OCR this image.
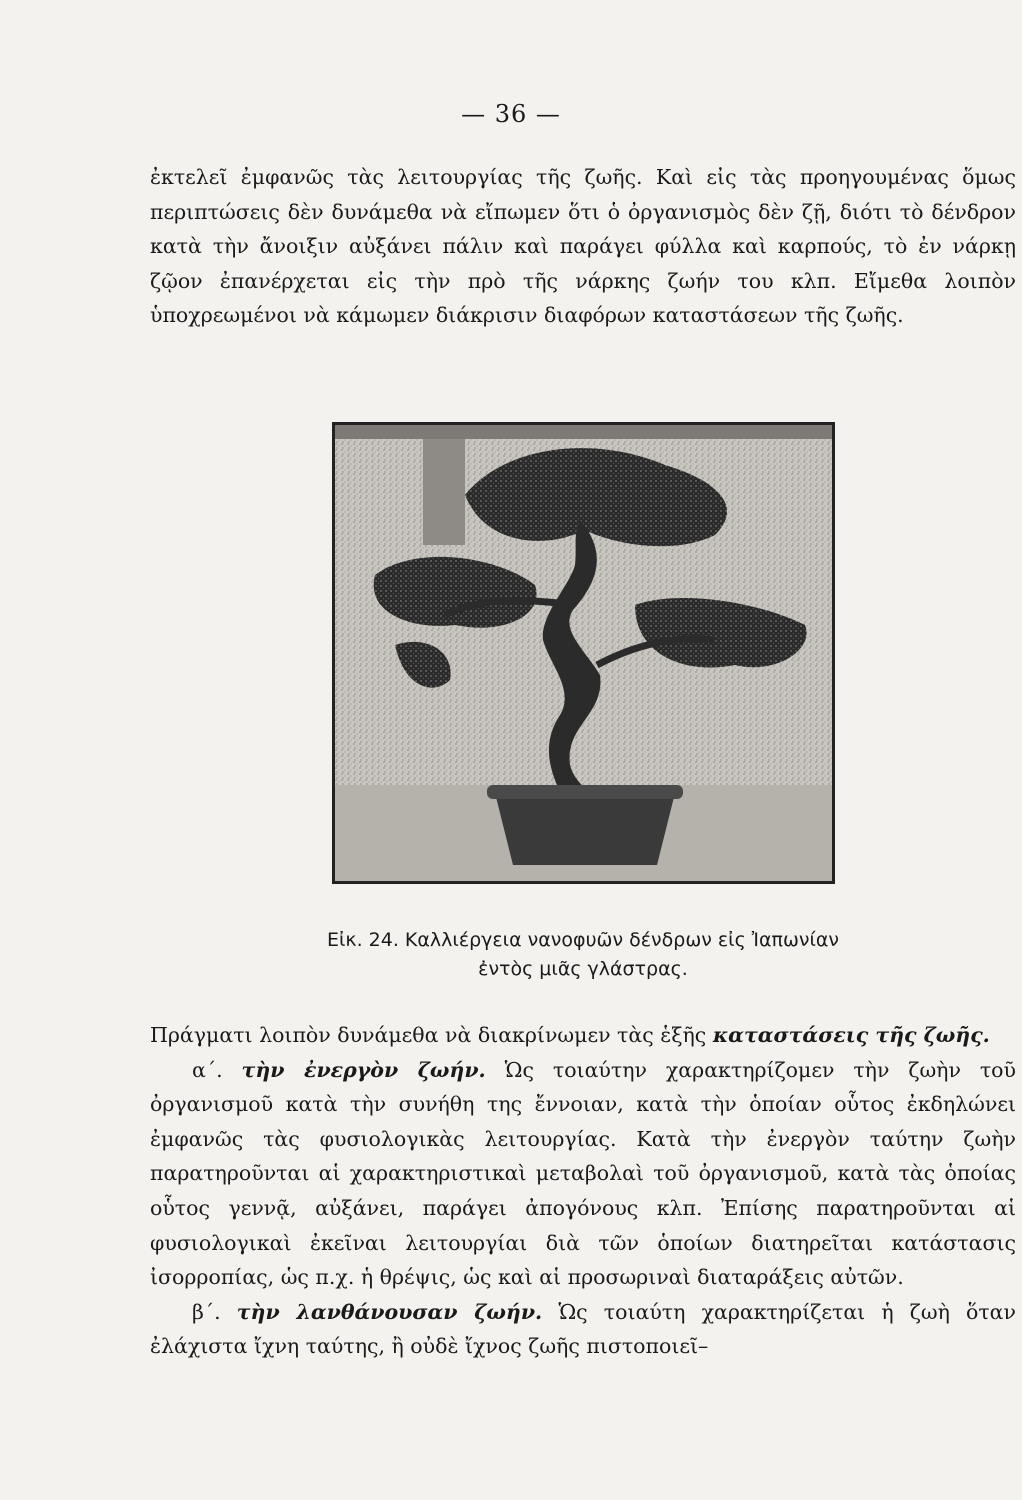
— 36 —

ἐκτελεῖ ἐμφανῶς τὰς λειτουργίας τῆς ζωῆς. Καὶ εἰς τὰς προηγουμένας ὅμως περιπτώσεις δὲν δυνάμεθα νὰ εἴπωμεν ὅτι ὁ ὀργανισμὸς δὲν ζῇ, διότι τὸ δένδρον κατὰ τὴν ἄνοιξιν αὐξάνει πάλιν καὶ παράγει φύλλα καὶ καρπούς, τὸ ἐν νάρκῃ ζῷον ἐπανέρχεται εἰς τὴν πρὸ τῆς νάρκης ζωήν του κλπ. Εἴμεθα λοιπὸν ὑποχρεωμένοι νὰ κάμωμεν διάκρισιν διαφόρων καταστάσεων τῆς ζωῆς.

Εἰκ. 24. Καλλιέργεια νανοφυῶν δένδρων εἰς Ἰαπωνίαν
ἐντὸς μιᾶς γλάστρας.

Πράγματι λοιπὸν δυνάμεθα νὰ διακρίνωμεν τὰς ἑξῆς καταστάσεις τῆς ζωῆς.

α΄. τὴν ἐνεργὸν ζωήν. Ὡς τοιαύτην χαρακτηρίζομεν τὴν ζωὴν τοῦ ὀργανισμοῦ κατὰ τὴν συνήθη της ἔννοιαν, κατὰ τὴν ὁποίαν οὗτος ἐκδηλώνει ἐμφανῶς τὰς φυσιολογικὰς λειτουργίας. Κατὰ τὴν ἐνεργὸν ταύτην ζωὴν παρατηροῦνται αἱ χαρακτηριστικαὶ μεταβολαὶ τοῦ ὀργανισμοῦ, κατὰ τὰς ὁποίας οὗτος γεννᾷ, αὐξάνει, παράγει ἀπογόνους κλπ. Ἐπίσης παρατηροῦνται αἱ φυσιολογικαὶ ἐκεῖναι λειτουργίαι διὰ τῶν ὁποίων διατηρεῖται κατάστασις ἰσορροπίας, ὡς π.χ. ἡ θρέψις, ὡς καὶ αἱ προσωριναὶ διαταράξεις αὐτῶν.

β΄. τὴν λανθάνουσαν ζωήν. Ὡς τοιαύτη χαρακτηρίζεται ἡ ζωὴ ὅταν ἐλάχιστα ἴχνη ταύτης, ἢ οὐδὲ ἴχνος ζωῆς πιστοποιεῖ–
